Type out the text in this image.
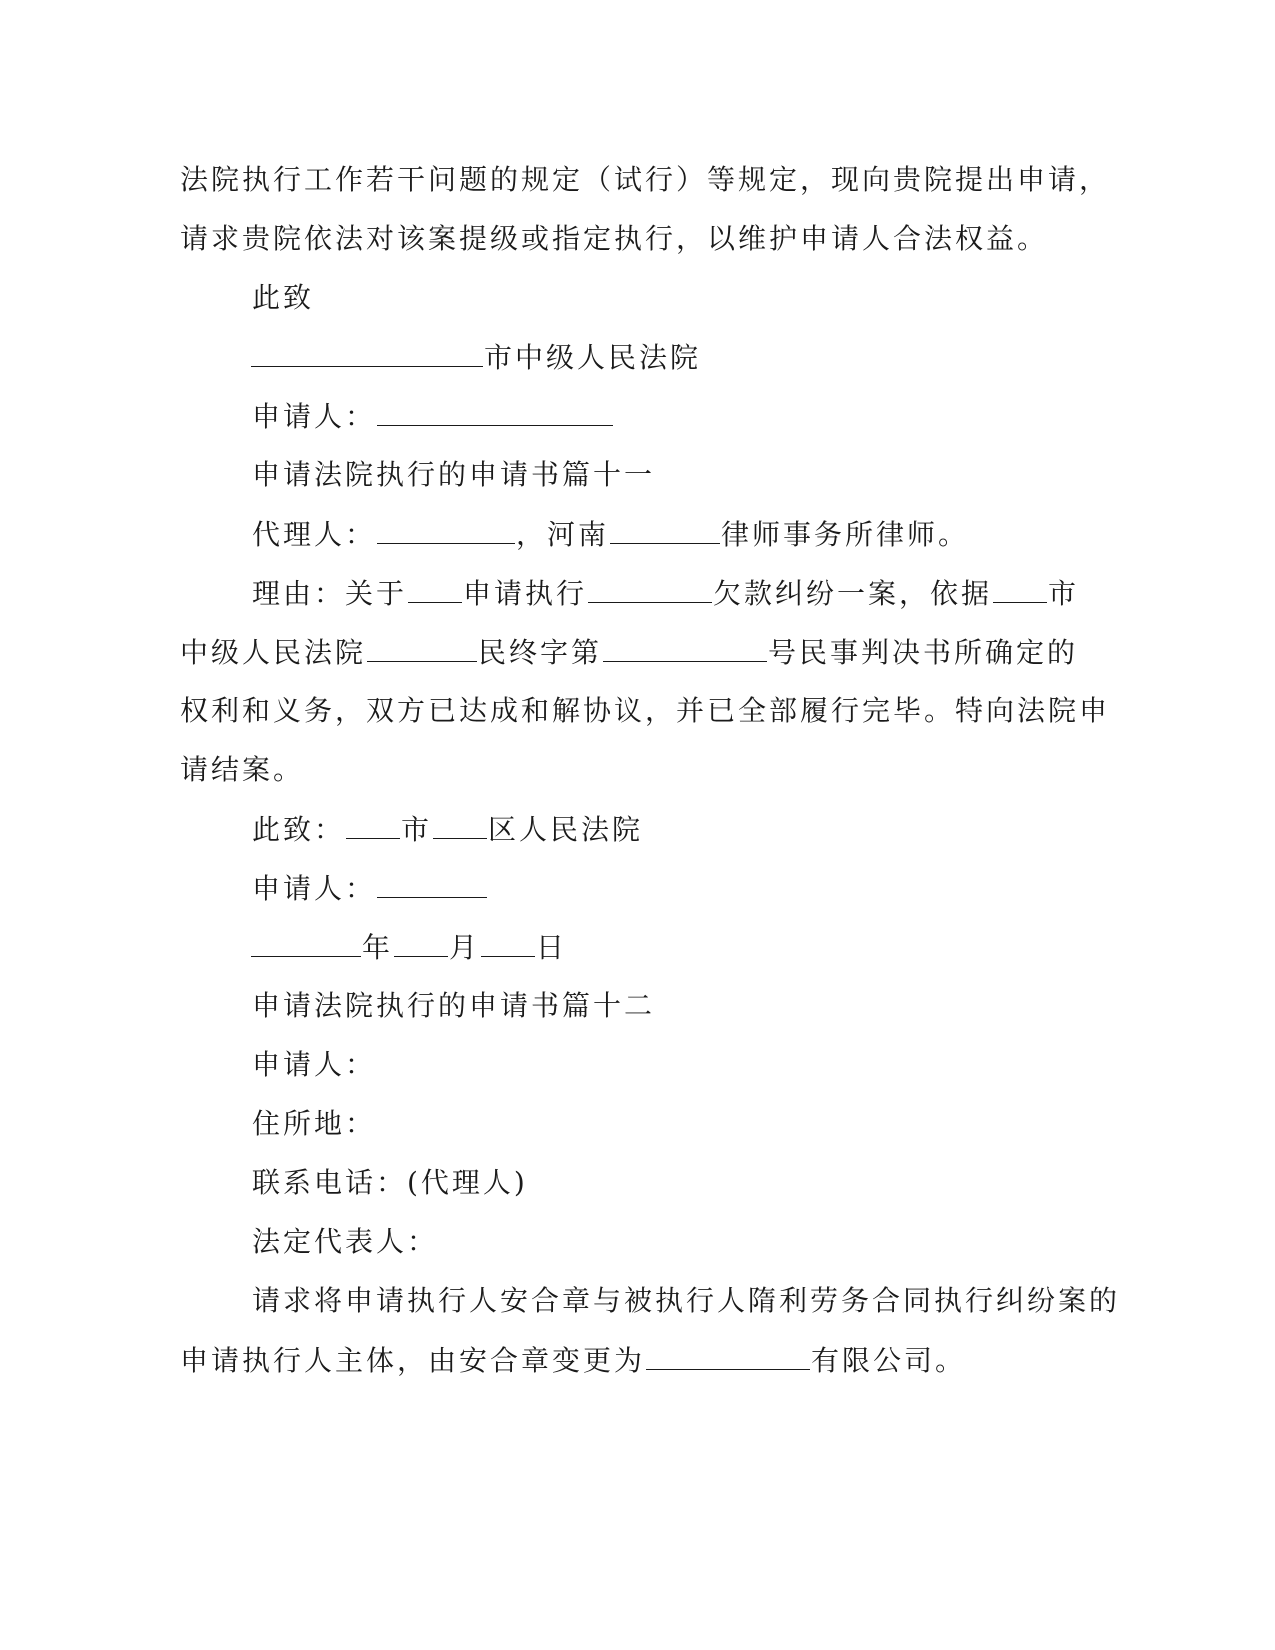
法院执行工作若干问题的规定（试行）等规定，现向贵院提出申请，
请求贵院依法对该案提级或指定执行，以维护申请人合法权益。
此致
市中级人民法院
申请人：
申请法院执行的申请书篇十一
代理人：	，河南	律师事务所律师。
理由：关于 申请执行	欠款纠纷一案，依据 市
中级人民法院	民终字第	号民事判决书所确定的
权利和义务，双方已达成和解协议，并已全部履行完毕。特向法院申
请结案。
此致： 市 区人民法院
申请人：
年 月 日
申请法院执行的申请书篇十二
申请人：
住所地：
联系电话：(代理人)
法定代表人：
请求将申请执行人安合章与被执行人隋利劳务合同执行纠纷案的
申请执行人主体，由安合章变更为	有限公司。
